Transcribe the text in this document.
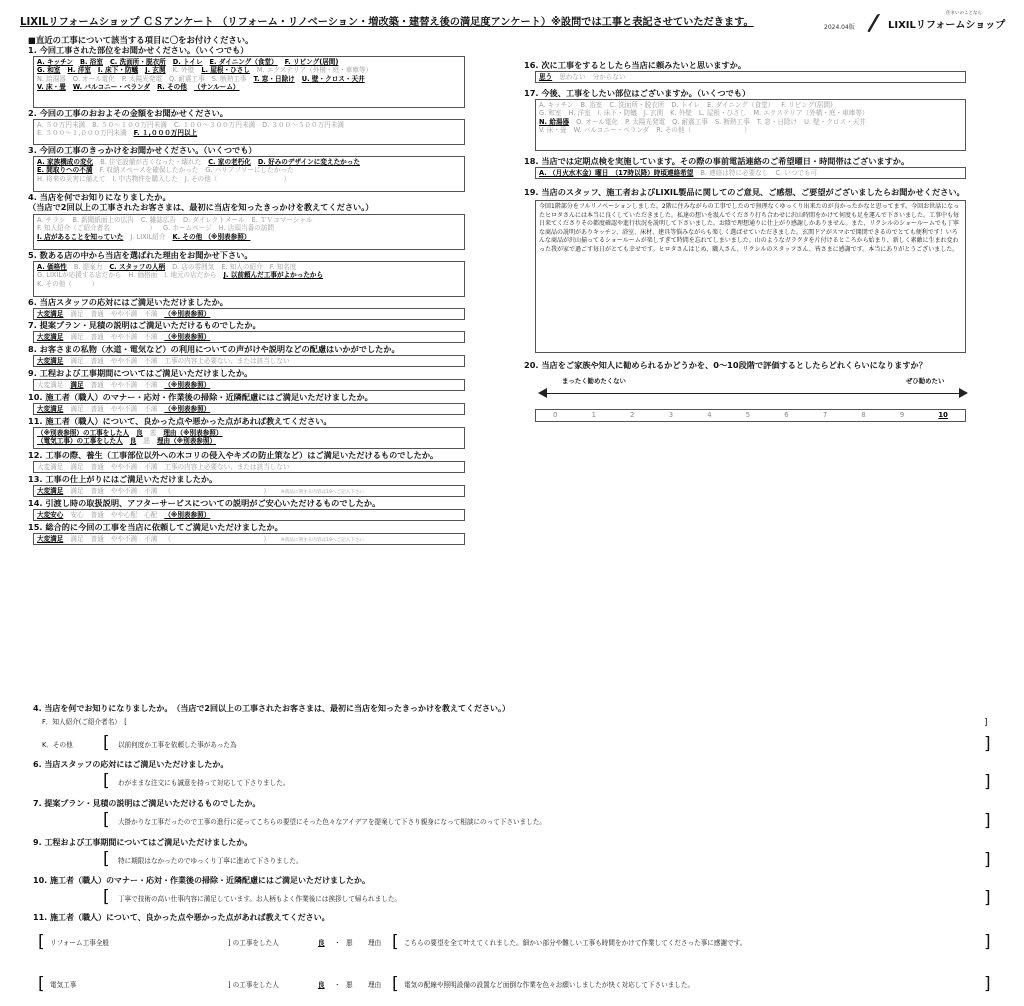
LIXILリフォームショップ ＣＳアンケート （リフォーム・リノベーション・増改築・建替え後の満足度アンケート）※設問では工事と表記させていただきます。	2024.04版
住まいのことなら
LIXILリフォームショップ
■直近の工事について該当する項目に〇をお付けください。
1. 今回工事された部位をお聞かせください。（いくつでも）
A. キッチン B. 浴室 C. 洗面所・脱衣所 D. トイレ E. ダイニング（食堂） F. リビング(居間)
G. 和室 H. 洋室 I. 床下・防蟻 J. 玄関 K. 外壁 L. 屋根・ひさし M. エクステリア（外構・庭・車庫等）
N. 給湯器 O. オール電化 P. 太陽光発電 Q. 耐震工事 S. 断熱工事 T. 窓・日除け U. 壁・クロス・天井
V. 床・畳 W. バルコニー・ベランダ R. その他 （サンルーム）
2. 今回の工事のおおよその金額をお聞かせください。
A. ５０万円未満 B. ５０～１００万円未満 C. １００～３００万円未満 D. ３００～５００万円未満
E. ５００～１,０００万円未満 F. １,０００万円以上
3. 今回の工事のきっかけをお聞かせください。（いくつでも）
A. 家族構成の変化 B. 住宅設備が古くなった・壊れた C. 家の老朽化 D. 好みのデザインに変えたかった
E. 間取りへの不満 F. 収納スペースを確保したかった G. バリアフリーにしたかった
H. 将来の災害に備えて I. 中古物件を購入した J. その他（　　　　　　　　　　）
4. 当店を何でお知りになりましたか。
（当店で2回以上の工事されたお客さまは、最初に当店を知ったきっかけを教えてください。）
A. チラシ B. 新聞紙面上の広告 C. 雑誌広告 D. ダイレクトメール E. ＴＶコマーシャル
F. 知人紹介（ご紹介者名　　　　　　） G. ホームページ H. 店頭当番の訪問
I. 店があることを知っていた J. LIXIL紹介 K. その他 （※別表参照）
5. 数ある店の中から当店を選ばれた理由をお聞かせ下さい。
A. 価格性 B. 提案力 C. スタッフの人柄 D. 店の雰囲気 E. 知人の紹介 F. 知名度
G. LIXILが応援する店だから H. 価格面 I. 地元の店だから J. 以前頼んだ工事がよかったから
K. その他（　　　）
6. 当店スタッフの応対にはご満足いただけましたか。
大変満足 満足 普通 やや不満 不満 （※別表参照）
7. 提案プラン・見積の説明はご満足いただけるものでしたか。
大変満足 満足 普通 やや不満 不満 （※別表参照）
8. お客さまの私物（水道・電気など）の利用についての声がけや説明などの配慮はいかがでしたか。
大変満足 満足 普通 やや不満 不満 工事の内容上必要ない、または該当しない
9. 工程および工事期間についてはご満足いただけましたか。
大変満足 満足 普通 やや不満 不満 （※別表参照）
10. 施工者（職人）のマナー・応対・作業後の掃除・近隣配慮にはご満足いただけましたか。
大変満足 満足 普通 やや不満 不満 （※別表参照）
11. 施工者（職人）について、良かった点や悪かった点があれば教えてください。
（※別表参照）の工事をした人 良 悪 理由（※別表参照）
（電気工事）の工事をした人 良 悪 理由（※別表参照）
12. 工事の際、養生（工事部位以外への木コリの侵入やキズの防止策など）はご満足いただけるものでしたか。
大変満足 満足 普通 やや不満 不満 工事の内容上必要ない、または該当しない
13. 工事の仕上がりにはご満足いただけましたか。
大変満足 満足 普通 やや不満 不満 （　　　　　　　　　　　　　　） ※商品に関する内容は19へご記入下さい
14. 引渡し時の取扱説明、アフターサービスについての説明がご安心いただけるものでしたか。
大変安心 安心 普通 やや心配 心配 （※別表参照）
15. 総合的に今回の工事を当店に依頼してご満足いただけましたか。
大変満足 満足 普通 やや不満 不満 （　　　　　　　　　　　　　　） ※商品に関する内容は19へご記入下さい
16. 次に工事をするとしたら当店に頼みたいと思いますか。
思う 思わない 分からない
17. 今後、工事をしたい部位はございますか。（いくつでも）
A. キッチン B. 浴室 C. 洗面所・脱衣所 D. トイレ E. ダイニング（食堂） F. リビング(居間)
G. 和室 H. 洋室 I. 床下・防蟻 J. 玄関 K. 外壁 L. 屋根・ひさし M. エクステリア（外構・庭・車庫等）
N. 給湯器 O. オール電化 P. 太陽光発電 Q. 耐震工事 S. 断熱工事 T. 窓・日除け U. 壁・クロス・天井
V. 床・畳 W. バルコニー・ベランダ R. その他（　　　　　　　　）
18. 当店では定期点検を実施しています。その際の事前電話連絡のご希望曜日・時間帯はございますか。
A. （月火水木金）曜日　（17時以降）時頃連絡希望 B. 連絡は特に必要なし C. いつでも可
19. 当店のスタッフ、施工者およびLIXIL製品に関してのご意見、ご感想、ご要望がございましたらお聞かせください。
今回1階部分をフルリノベーションしました。2階に住みながらの工事でしたので無理なくゆっくり出来たのが良かったかなと思ってます。今回お世話になったヒロタさんには本当に良くしていただきました。私達の想いを汲んでくださり打ち合わせに沢山時間をかけて何度も足を運んで下さいました。工事中も毎日来てくださりその都度確認や進行状況を説明して下さいました。お陰で理想通りに仕上がり感謝しかありません。また、リクシルのショールームでも丁寧な商品の説明がありキッチン、浴室、床材、建具等悩みながらも楽しく選ばせていただきました。玄関ドアがスマホで開閉できるのでとても便利です！いろんな商品が沢山揃ってるショールームが楽しすぎて時間を忘れてしまいました。山のようなガラクタを片付けるところから始まり、新しく素敵に生まれ変わった我が家で過ごす毎日がとても幸せです。ヒロタさんはじめ、職人さん、リクシルのスタッフさん、皆さまに感謝です。本当にありがとうございました。
20. 当店をご家族や知人に勧められるかどうかを、0～10段階で評価するとしたらどれくらいになりますか？
まったく勧めたくない	ぜひ勧めたい
0	1	2	3	4	5	6	7	8	9	10
4. 当店を何でお知りになりましたか。　（当店で2回以上の工事されたお客さまは、最初に当店を知ったきっかけを教えてください。）
F．知人紹介(ご紹介者名）　[	]
K．その他 [ 以前何度か工事を依頼した事があった為	]
6. 当店スタッフの応対にはご満足いただけましたか。
[ わがままな注文にも誠意を持って対応して下さりました。	]
7. 提案プラン・見積の説明はご満足いただけるものでしたか。
[ 大掛かりな工事だったので工事の進行に従ってこちらの要望にそった色々なアイデアを提案して下さり親身になって相談にのって下さいました。	]
9. 工程および工事期間についてはご満足いただけましたか。
[ 特に期限はなかったのでゆっくり丁寧に進めて下さりました。	]
10. 施工者（職人）のマナー・応対・作業後の掃除・近隣配慮にはご満足いただけましたか。
[ 丁寧で技術の高い仕事内容に満足しています。お人柄もよく作業後には挨拶して帰られました。	]
11. 施工者（職人）について、良かった点や悪かった点があれば教えてください。
[ リフォーム工事全般	] の工事をした人	良 ・ 悪 理由 [ こちらの要望を全て叶えてくれました。細かい部分や難しい工事も時間をかけて作業してくださった事に感謝です。	]
[ 電気工事	] の工事をした人	良 ・ 悪 理由 [ 電気の配線や照明設備の設置など面倒な作業を色々お願いしましたが快く対応して下さいました。	]
